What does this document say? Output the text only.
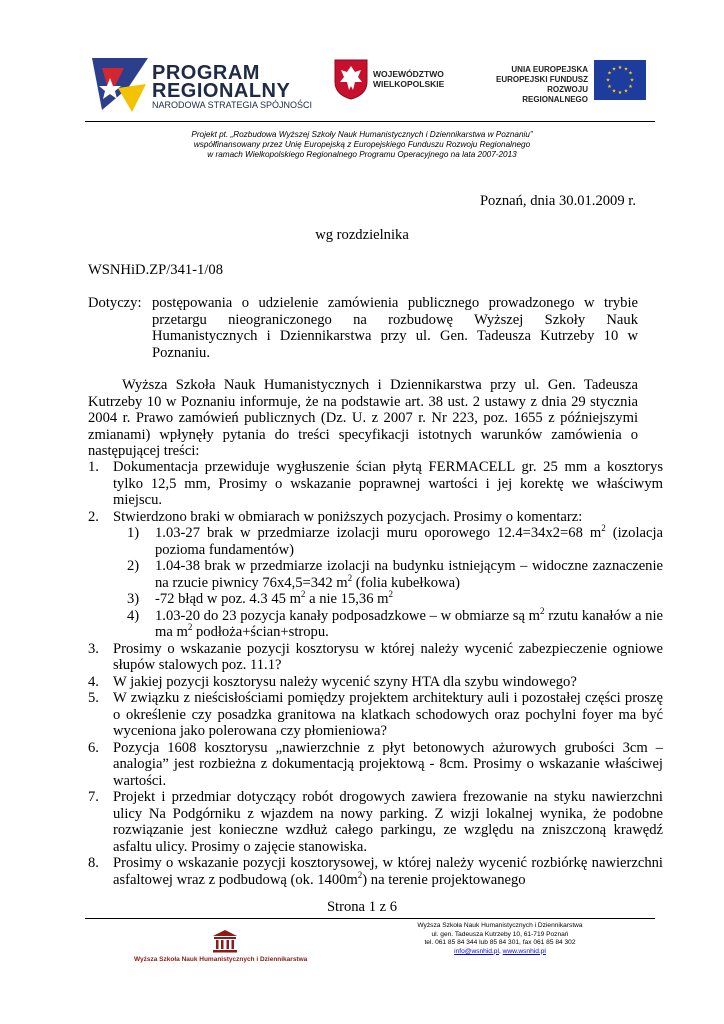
PROGRAM
REGIONALNY
NARODOWA STRATEGIA SPÓJNOŚCI
WOJEWÓDZTWO
WIELKOPOLSKIE
UNIA EUROPEJSKA
EUROPEJSKI FUNDUSZ
ROZWOJU REGIONALNEGO
★ ★
★
★
★
★
★
★
★
★
★
★
Projekt pt. „Rozbudowa Wyższej Szkoły Nauk Humanistycznych i Dziennikarstwa w Poznaniu”
współfinansowany przez Unię Europejską z Europejskiego Funduszu Rozwoju Regionalnego
w ramach Wielkopolskiego Regionalnego Programu Operacyjnego na lata 2007-2013
Poznań, dnia 30.01.2009 r.
wg rozdzielnika
WSNHiD.ZP/341-1/08
Dotyczy: postępowania o udzielenie zamówienia publicznego prowadzonego w trybie przetargu nieograniczonego na rozbudowę Wyższej Szkoły Nauk Humanistycznych i Dziennikarstwa przy ul. Gen. Tadeusza Kutrzeby 10 w Poznaniu.
Wyższa Szkoła Nauk Humanistycznych i Dziennikarstwa przy ul. Gen. Tadeusza Kutrzeby 10 w Poznaniu informuje, że na podstawie art. 38 ust. 2 ustawy z dnia 29 stycznia 2004 r. Prawo zamówień publicznych (Dz. U. z 2007 r. Nr 223, poz. 1655 z późniejszymi zmianami) wpłynęły pytania do treści specyfikacji istotnych warunków zamówienia o następującej treści:
1. Dokumentacja przewiduje wygłuszenie ścian płytą FERMACELL gr. 25 mm a kosztorys tylko 12,5 mm, Prosimy o wskazanie poprawnej wartości i jej korektę we właściwym miejscu.
2. Stwierdzono braki w obmiarach w poniższych pozycjach. Prosimy o komentarz:
1) 1.03-27 brak w przedmiarze izolacji muru oporowego 12.4=34x2=68 $m^2$ (izolacja pozioma fundamentów)
2) 1.04-38 brak w przedmiarze izolacji na budynku istniejącym – widoczne zaznaczenie na rzucie piwnicy 76x4,5=342 $m^2$ (folia kubełkowa)
3) -72 błąd w poz. 4.3 45 $m^2$ a nie 15,36 $m^2$
4) 1.03-20 do 23 pozycja kanały podposadzkowe – w obmiarze są $m^2$ rzutu kanałów a nie ma $m^2$ podłoża+ścian+stropu.
3. Prosimy o wskazanie pozycji kosztorysu w której należy wycenić zabezpieczenie ogniowe słupów stalowych poz. 11.1?
4. W jakiej pozycji kosztorysu należy wycenić szyny HTA dla szybu windowego?
5. W związku z nieścisłościami pomiędzy projektem architektury auli i pozostałej części proszę o określenie czy posadzka granitowa na klatkach schodowych oraz pochylni foyer ma być wyceniona jako polerowana czy płomieniowa?
6. Pozycja 1608 kosztorysu „nawierzchnie z płyt betonowych ażurowych grubości 3cm – analogia” jest rozbieżna z dokumentacją projektową - 8cm. Prosimy o wskazanie właściwej wartości.
7. Projekt i przedmiar dotyczący robót drogowych zawiera frezowanie na styku nawierzchni ulicy Na Podgórniku z wjazdem na nowy parking. Z wizji lokalnej wynika, że podobne rozwiązanie jest konieczne wzdłuż całego parkingu, ze względu na zniszczoną krawędź asfaltu ulicy. Prosimy o zajęcie stanowiska.
8. Prosimy o wskazanie pozycji kosztorysowej, w której należy wycenić rozbiórkę nawierzchni asfaltowej wraz z podbudową (ok. $1400m^2$) na terenie projektowanego
Strona 1 z 6
Wyższa Szkoła Nauk Humanistycznych i Dziennikarstwa
Wyższa Szkoła Nauk Humanistycznych i Dziennikarstwa
ul. gen. Tadeusza Kutrzeby 10, 61-719 Poznań
tel. 061 85 84 344 lub 85 84 301, fax 061 85 84 302
info@wsnhid.pl, www.wsnhid.pl
